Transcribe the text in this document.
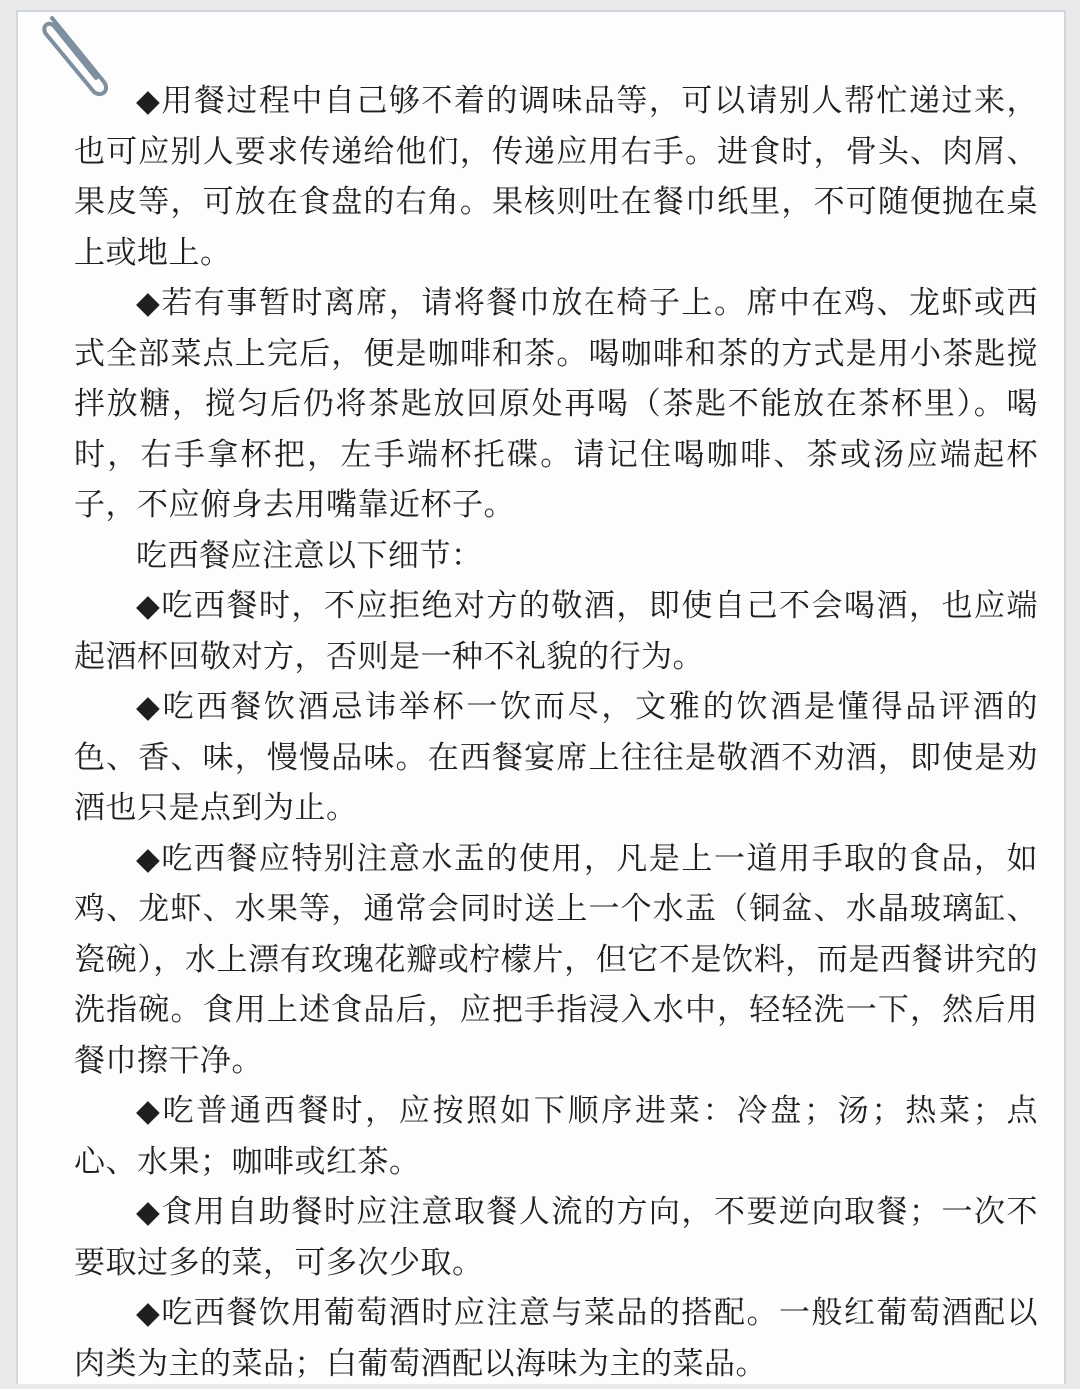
◆用餐过程中自己够不着的调味品等，可以请别人帮忙递过来，也可应别人要求传递给他们，传递应用右手。进食时，骨头、肉屑、果皮等，可放在食盘的右角。果核则吐在餐巾纸里，不可随便抛在桌上或地上。

◆若有事暂时离席，请将餐巾放在椅子上。席中在鸡、龙虾或西式全部菜点上完后，便是咖啡和茶。喝咖啡和茶的方式是用小茶匙搅拌放糖，搅匀后仍将茶匙放回原处再喝（茶匙不能放在茶杯里）。喝时，右手拿杯把，左手端杯托碟。请记住喝咖啡、茶或汤应端起杯子，不应俯身去用嘴靠近杯子。

吃西餐应注意以下细节：

◆吃西餐时，不应拒绝对方的敬酒，即使自己不会喝酒，也应端起酒杯回敬对方，否则是一种不礼貌的行为。

◆吃西餐饮酒忌讳举杯一饮而尽，文雅的饮酒是懂得品评酒的色、香、味，慢慢品味。在西餐宴席上往往是敬酒不劝酒，即使是劝酒也只是点到为止。

◆吃西餐应特别注意水盂的使用，凡是上一道用手取的食品，如鸡、龙虾、水果等，通常会同时送上一个水盂（铜盆、水晶玻璃缸、瓷碗），水上漂有玫瑰花瓣或柠檬片，但它不是饮料，而是西餐讲究的洗指碗。食用上述食品后，应把手指浸入水中，轻轻洗一下，然后用餐巾擦干净。

◆吃普通西餐时，应按照如下顺序进菜：冷盘；汤；热菜；点心、水果；咖啡或红茶。

◆食用自助餐时应注意取餐人流的方向，不要逆向取餐；一次不要取过多的菜，可多次少取。

◆吃西餐饮用葡萄酒时应注意与菜品的搭配。一般红葡萄酒配以肉类为主的菜品；白葡萄酒配以海味为主的菜品。
